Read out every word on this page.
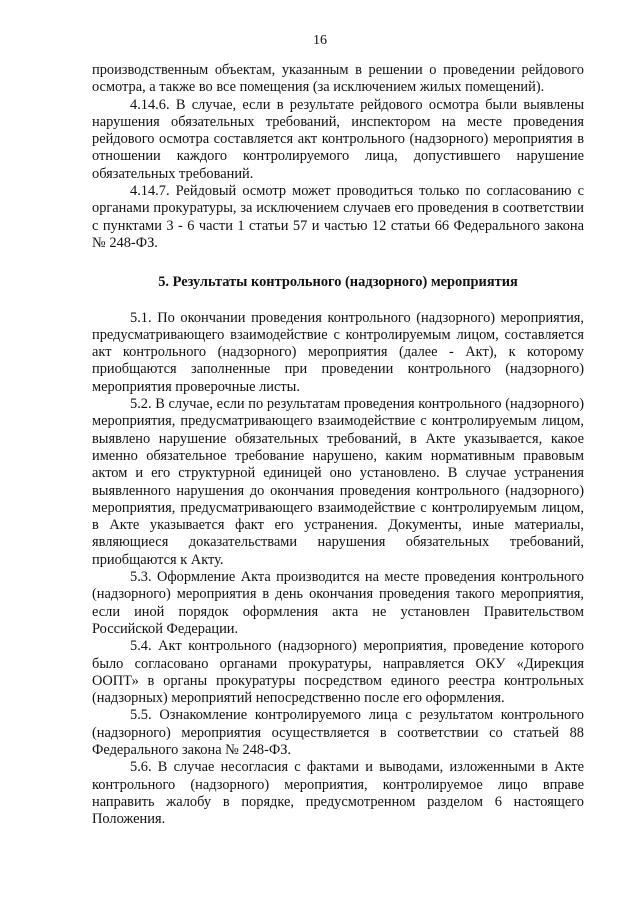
16

производственным объектам, указанным в решении о проведении рейдового осмотра, а также во все помещения (за исключением жилых помещений).

4.14.6. В случае, если в результате рейдового осмотра были выявлены нарушения обязательных требований, инспектором на месте проведения рейдового осмотра составляется акт контрольного (надзорного) мероприятия в отношении каждого контролируемого лица, допустившего нарушение обязательных требований.

4.14.7. Рейдовый осмотр может проводиться только по согласованию с органами прокуратуры, за исключением случаев его проведения в соответствии с пунктами 3 - 6 части 1 статьи 57 и частью 12 статьи 66 Федерального закона № 248-ФЗ.

5. Результаты контрольного (надзорного) мероприятия

5.1. По окончании проведения контрольного (надзорного) мероприятия, предусматривающего взаимодействие с контролируемым лицом, составляется акт контрольного (надзорного) мероприятия (далее - Акт), к которому приобщаются заполненные при проведении контрольного (надзорного) мероприятия проверочные листы.

5.2. В случае, если по результатам проведения контрольного (надзорного) мероприятия, предусматривающего взаимодействие с контролируемым лицом, выявлено нарушение обязательных требований, в Акте указывается, какое именно обязательное требование нарушено, каким нормативным правовым актом и его структурной единицей оно установлено. В случае устранения выявленного нарушения до окончания проведения контрольного (надзорного) мероприятия, предусматривающего взаимодействие с контролируемым лицом, в Акте указывается факт его устранения. Документы, иные материалы, являющиеся доказательствами нарушения обязательных требований, приобщаются к Акту.

5.3. Оформление Акта производится на месте проведения контрольного (надзорного) мероприятия в день окончания проведения такого мероприятия, если иной порядок оформления акта не установлен Правительством Российской Федерации.

5.4. Акт контрольного (надзорного) мероприятия, проведение которого было согласовано органами прокуратуры, направляется ОКУ «Дирекция ООПТ» в органы прокуратуры посредством единого реестра контрольных (надзорных) мероприятий непосредственно после его оформления.

5.5. Ознакомление контролируемого лица с результатом контрольного (надзорного) мероприятия осуществляется в соответствии со статьей 88 Федерального закона № 248-ФЗ.

5.6. В случае несогласия с фактами и выводами, изложенными в Акте контрольного (надзорного) мероприятия, контролируемое лицо вправе направить жалобу в порядке, предусмотренном разделом 6 настоящего Положения.
